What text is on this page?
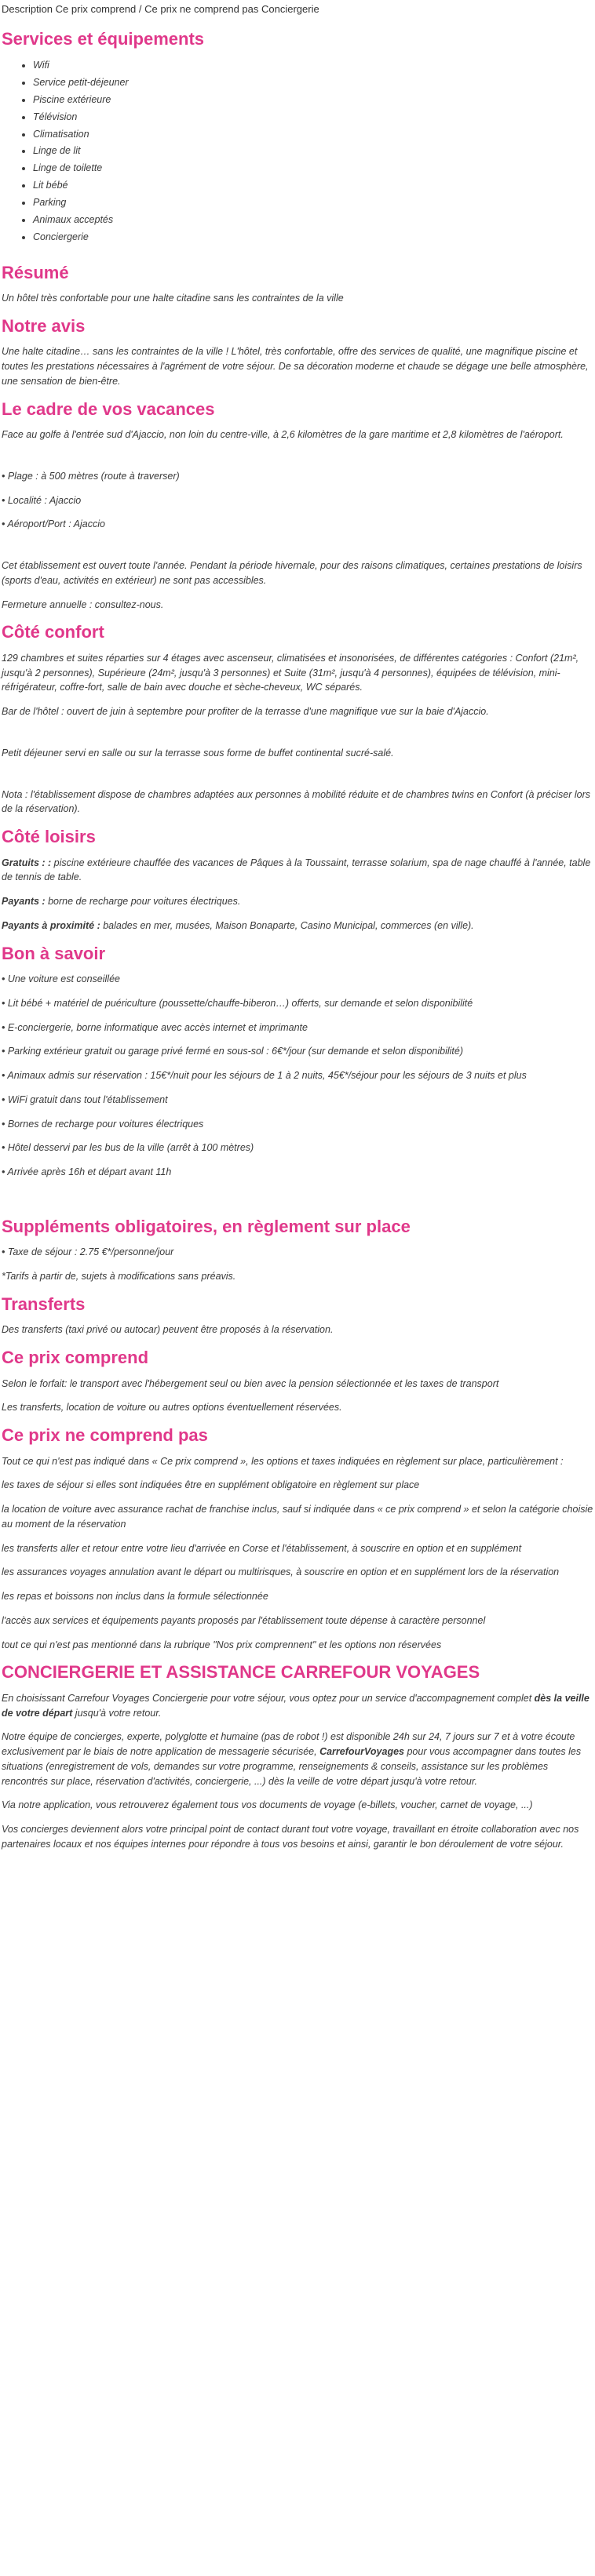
Description Ce prix comprend / Ce prix ne comprend pas Conciergerie
Services et équipements
• Wifi
• Service petit-déjeuner
• Piscine extérieure
• Télévision
• Climatisation
• Linge de lit
• Linge de toilette
• Lit bébé
• Parking
• Animaux acceptés
• Conciergerie
Résumé

Un hôtel très confortable pour une halte citadine sans les contraintes de la ville

Notre avis

Une halte citadine… sans les contraintes de la ville ! L'hôtel, très confortable, offre des services de qualité, une magnifique piscine et toutes les prestations nécessaires à l'agrément de votre séjour. De sa décoration moderne et chaude se dégage une belle atmosphère, une sensation de bien-être.

Le cadre de vos vacances

Face au golfe à l'entrée sud d'Ajaccio, non loin du centre-ville, à 2,6 kilomètres de la gare maritime et 2,8 kilomètres de l'aéroport.

• Plage : à 500 mètres (route à traverser)

• Localité : Ajaccio

• Aéroport/Port : Ajaccio

Cet établissement est ouvert toute l'année. Pendant la période hivernale, pour des raisons climatiques, certaines prestations de loisirs (sports d'eau, activités en extérieur) ne sont pas accessibles.

Fermeture annuelle : consultez-nous.

Côté confort

129 chambres et suites réparties sur 4 étages avec ascenseur, climatisées et insonorisées, de différentes catégories : Confort (21m², jusqu'à 2 personnes), Supérieure (24m², jusqu'à 3 personnes) et Suite (31m², jusqu'à 4 personnes), équipées de télévision, mini-réfrigérateur, coffre-fort, salle de bain avec douche et sèche-cheveux, WC séparés.

Bar de l'hôtel : ouvert de juin à septembre pour profiter de la terrasse d'une magnifique vue sur la baie d'Ajaccio.

Petit déjeuner servi en salle ou sur la terrasse sous forme de buffet continental sucré-salé.

Nota : l'établissement dispose de chambres adaptées aux personnes à mobilité réduite et de chambres twins en Confort (à préciser lors de la réservation).

Côté loisirs

Gratuits : : piscine extérieure chauffée des vacances de Pâques à la Toussaint, terrasse solarium, spa de nage chauffé à l'année, table de tennis de table.

Payants : borne de recharge pour voitures électriques.

Payants à proximité : balades en mer, musées, Maison Bonaparte, Casino Municipal, commerces (en ville).

Bon à savoir

• Une voiture est conseillée

• Lit bébé + matériel de puériculture (poussette/chauffe-biberon…) offerts, sur demande et selon disponibilité

• E-conciergerie, borne informatique avec accès internet et imprimante

• Parking extérieur gratuit ou garage privé fermé en sous-sol : 6€*/jour (sur demande et selon disponibilité)

• Animaux admis sur réservation : 15€*/nuit pour les séjours de 1 à 2 nuits, 45€*/séjour pour les séjours de 3 nuits et plus

• WiFi gratuit dans tout l'établissement

• Bornes de recharge pour voitures électriques

• Hôtel desservi par les bus de la ville (arrêt à 100 mètres)

• Arrivée après 16h et départ avant 11h

Suppléments obligatoires, en règlement sur place

• Taxe de séjour : 2.75 €*/personne/jour

*Tarifs à partir de, sujets à modifications sans préavis.

Transferts

Des transferts (taxi privé ou autocar) peuvent être proposés à la réservation.

Ce prix comprend

Selon le forfait: le transport avec l'hébergement seul ou bien avec la pension sélectionnée et les taxes de transport

Les transferts, location de voiture ou autres options éventuellement réservées.

Ce prix ne comprend pas

Tout ce qui n'est pas indiqué dans « Ce prix comprend », les options et taxes indiquées en règlement sur place, particulièrement :

les taxes de séjour si elles sont indiquées être en supplément obligatoire en règlement sur place

la location de voiture avec assurance rachat de franchise inclus, sauf si indiquée dans « ce prix comprend » et selon la catégorie choisie au moment de la réservation

les transferts aller et retour entre votre lieu d'arrivée en Corse et l'établissement, à souscrire en option et en supplément

les assurances voyages annulation avant le départ ou multirisques, à souscrire en option et en supplément lors de la réservation

les repas et boissons non inclus dans la formule sélectionnée

l'accès aux services et équipements payants proposés par l'établissement toute dépense à caractère personnel

tout ce qui n'est pas mentionné dans la rubrique "Nos prix comprennent" et les options non réservées

CONCIERGERIE ET ASSISTANCE CARREFOUR VOYAGES

En choisissant Carrefour Voyages Conciergerie pour votre séjour, vous optez pour un service d'accompagnement complet dès la veille de votre départ jusqu'à votre retour.

Notre équipe de concierges, experte, polyglotte et humaine (pas de robot !) est disponible 24h sur 24, 7 jours sur 7 et à votre écoute exclusivement par le biais de notre application de messagerie sécurisée, CarrefourVoyages pour vous accompagner dans toutes les situations (enregistrement de vols, demandes sur votre programme, renseignements & conseils, assistance sur les problèmes rencontrés sur place, réservation d'activités, conciergerie, ...) dès la veille de votre départ jusqu'à votre retour.

Via notre application, vous retrouverez également tous vos documents de voyage (e-billets, voucher, carnet de voyage, ...)

Vos concierges deviennent alors votre principal point de contact durant tout votre voyage, travaillant en étroite collaboration avec nos partenaires locaux et nos équipes internes pour répondre à tous vos besoins et ainsi, garantir le bon déroulement de votre séjour.
